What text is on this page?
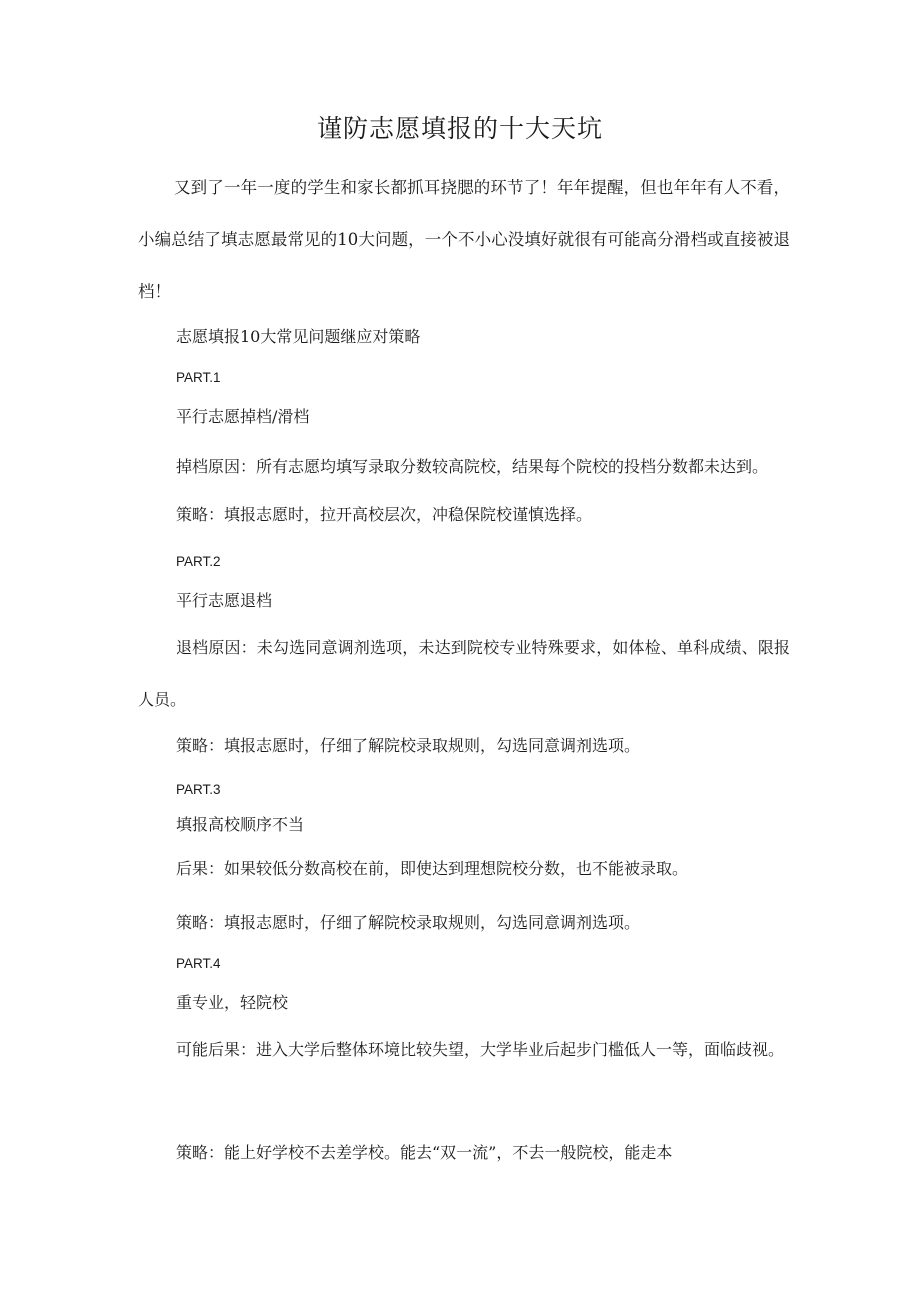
谨防志愿填报的十大天坑

又到了一年一度的学生和家长都抓耳挠腮的环节了！年年提醒，但也年年有人不看，小编总结了填志愿最常见的10大问题，一个不小心没填好就很有可能高分滑档或直接被退档！

志愿填报10大常见问题继应对策略

PART.1

平行志愿掉档/滑档

掉档原因：所有志愿均填写录取分数较高院校，结果每个院校的投档分数都未达到。

策略：填报志愿时，拉开高校层次，冲稳保院校谨慎选择。

PART.2

平行志愿退档

退档原因：未勾选同意调剂选项，未达到院校专业特殊要求，如体检、单科成绩、限报人员。

策略：填报志愿时，仔细了解院校录取规则，勾选同意调剂选项。

PART.3

填报高校顺序不当

后果：如果较低分数高校在前，即使达到理想院校分数，也不能被录取。

策略：填报志愿时，仔细了解院校录取规则，勾选同意调剂选项。

PART.4

重专业，轻院校

可能后果：进入大学后整体环境比较失望，大学毕业后起步门槛低人一等，面临歧视。

策略：能上好学校不去差学校。能去“双一流”，不去一般院校，能走本
